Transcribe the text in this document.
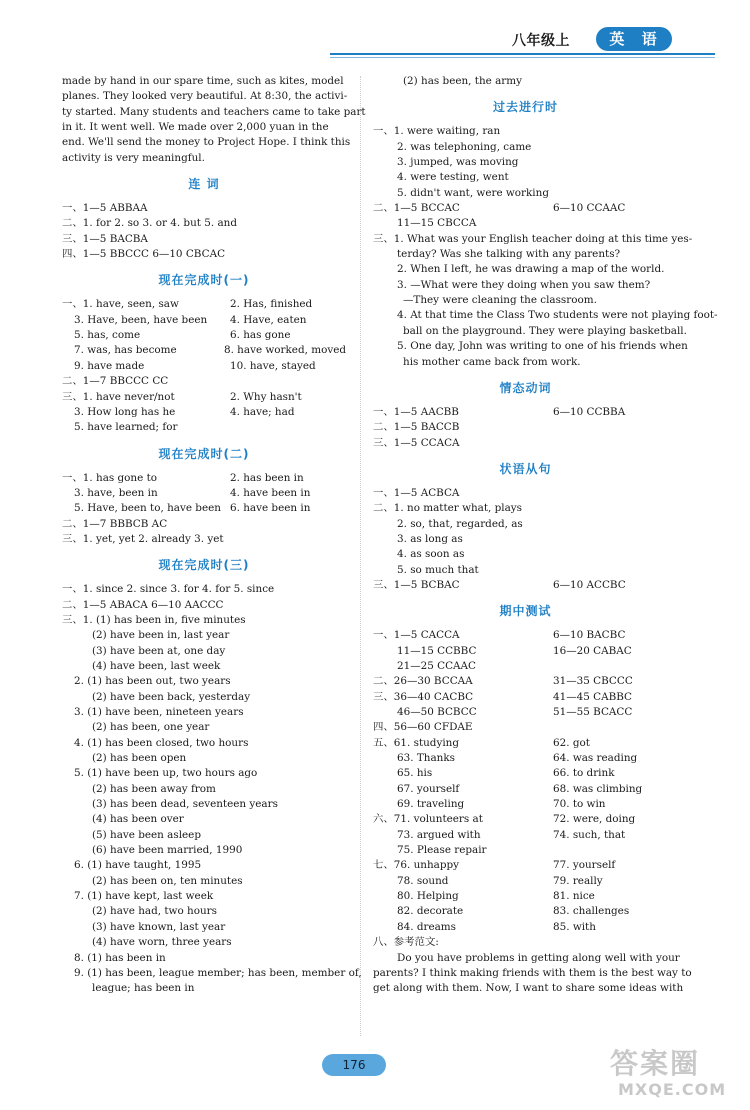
八年级上	英 语
made by hand in our spare time, such as kites, model
planes. They looked very beautiful. At 8:30, the activi-
ty started. Many students and teachers came to take part
in it. It went well. We made over 2,000 yuan in the
end. We'll send the money to Project Hope. I think this
activity is very meaningful.
连 词
一、1—5 ABBAA
二、1. for 2. so 3. or 4. but 5. and
三、1—5 BACBA
四、1—5 BBCCC 6—10 CBCAC
现在完成时(一)
一、1. have, seen, saw	2. Has, finished
3. Have, been, have been	4. Have, eaten
5. has, come	6. has gone
7. was, has become	8. have worked, moved
9. have made	10. have, stayed
二、1—7 BBCCC CC
三、1. have never/not	2. Why hasn't
3. How long has he	4. have; had
5. have learned; for
现在完成时(二)
一、1. has gone to	2. has been in
3. have, been in	4. have been in
5. Have, been to, have been 6. have been in
二、1—7 BBBCB AC
三、1. yet, yet 2. already 3. yet
现在完成时(三)
一、1. since 2. since 3. for 4. for 5. since
二、1—5 ABACA 6—10 AACCC
三、1. (1) has been in, five minutes
(2) have been in, last year
(3) have been at, one day
(4) have been, last week
2. (1) has been out, two years
(2) have been back, yesterday
3. (1) have been, nineteen years
(2) has been, one year
4. (1) has been closed, two hours
(2) has been open
5. (1) have been up, two hours ago
(2) has been away from
(3) has been dead, seventeen years
(4) has been over
(5) have been asleep
(6) have been married, 1990
6. (1) have taught, 1995
(2) has been on, ten minutes
7. (1) have kept, last week
(2) have had, two hours
(3) have known, last year
(4) have worn, three years
8. (1) has been in
9. (1) has been, league member; has been, member of,
league; has been in
(2) has been, the army
过去进行时
一、1. were waiting, ran
2. was telephoning, came
3. jumped, was moving
4. were testing, went
5. didn't want, were working
二、1—5 BCCAC	6—10 CCAAC
11—15 CBCCA
三、1. What was your English teacher doing at this time yes-
terday? Was she talking with any parents?
2. When I left, he was drawing a map of the world.
3. —What were they doing when you saw them?
—They were cleaning the classroom.
4. At that time the Class Two students were not playing foot-
ball on the playground. They were playing basketball.
5. One day, John was writing to one of his friends when
his mother came back from work.
情态动词
一、1—5 AACBB	6—10 CCBBA
二、1—5 BACCB
三、1—5 CCACA
状语从句
一、1—5 ACBCA
二、1. no matter what, plays
2. so, that, regarded, as
3. as long as
4. as soon as
5. so much that
三、1—5 BCBAC	6—10 ACCBC
期中测试
一、1—5 CACCA	6—10 BACBC
11—15 CCBBC	16—20 CABAC
21—25 CCAAC
二、26—30 BCCAA	31—35 CBCCC
三、36—40 CACBC	41—45 CABBC
46—50 BCBCC	51—55 BCACC
四、56—60 CFDAE
五、61. studying	62. got
63. Thanks	64. was reading
65. his	66. to drink
67. yourself	68. was climbing
69. traveling	70. to win
六、71. volunteers at	72. were, doing
73. argued with	74. such, that
75. Please repair
七、76. unhappy	77. yourself
78. sound	79. really
80. Helping	81. nice
82. decorate	83. challenges
84. dreams	85. with
八、参考范文:
Do you have problems in getting along well with your
parents? I think making friends with them is the best way to
get along with them. Now, I want to share some ideas with
176	答案圈
MXQE.COM
